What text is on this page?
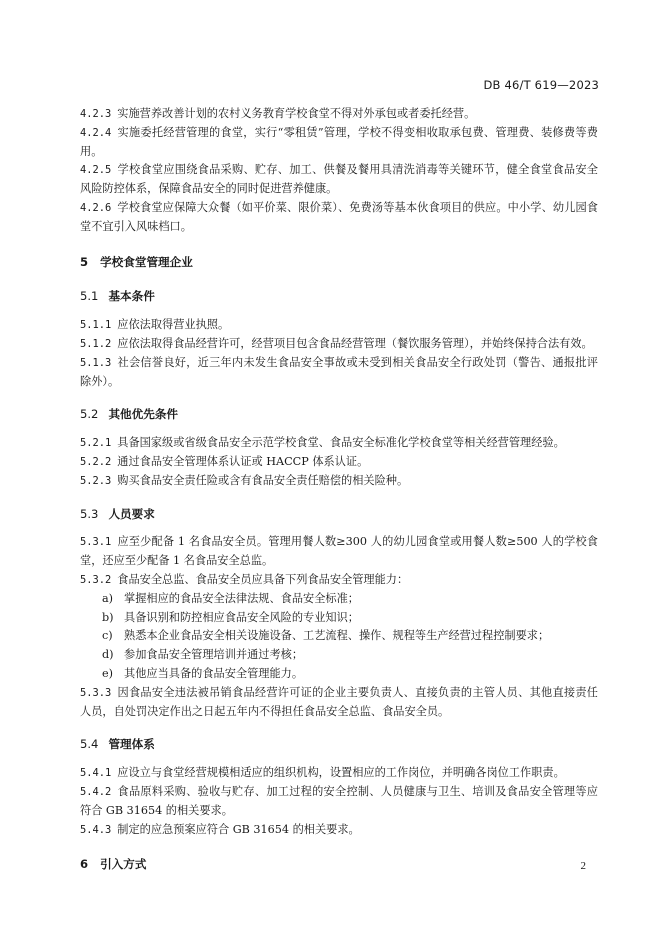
DB 46/T 619—2023

4.2.3 实施营养改善计划的农村义务教育学校食堂不得对外承包或者委托经营。

4.2.4 实施委托经营管理的食堂，实行“零租赁”管理，学校不得变相收取承包费、管理费、装修费等费用。

4.2.5 学校食堂应围绕食品采购、贮存、加工、供餐及餐用具清洗消毒等关键环节，健全食堂食品安全风险防控体系，保障食品安全的同时促进营养健康。

4.2.6 学校食堂应保障大众餐（如平价菜、限价菜）、免费汤等基本伙食项目的供应。中小学、幼儿园食堂不宜引入风味档口。

5 学校食堂管理企业

5.1 基本条件

5.1.1 应依法取得营业执照。

5.1.2 应依法取得食品经营许可，经营项目包含食品经营管理（餐饮服务管理），并始终保持合法有效。

5.1.3 社会信誉良好，近三年内未发生食品安全事故或未受到相关食品安全行政处罚（警告、通报批评除外）。

5.2 其他优先条件

5.2.1 具备国家级或省级食品安全示范学校食堂、食品安全标准化学校食堂等相关经营管理经验。

5.2.2 通过食品安全管理体系认证或 HACCP 体系认证。

5.2.3 购买食品安全责任险或含有食品安全责任赔偿的相关险种。

5.3 人员要求

5.3.1 应至少配备 1 名食品安全员。管理用餐人数≥300 人的幼儿园食堂或用餐人数≥500 人的学校食堂，还应至少配备 1 名食品安全总监。

5.3.2 食品安全总监、食品安全员应具备下列食品安全管理能力：

a) 掌握相应的食品安全法律法规、食品安全标准；

b) 具备识别和防控相应食品安全风险的专业知识；

c) 熟悉本企业食品安全相关设施设备、工艺流程、操作、规程等生产经营过程控制要求；

d) 参加食品安全管理培训并通过考核；

e) 其他应当具备的食品安全管理能力。

5.3.3 因食品安全违法被吊销食品经营许可证的企业主要负责人、直接负责的主管人员、其他直接责任人员，自处罚决定作出之日起五年内不得担任食品安全总监、食品安全员。

5.4 管理体系

5.4.1 应设立与食堂经营规模相适应的组织机构，设置相应的工作岗位，并明确各岗位工作职责。

5.4.2 食品原料采购、验收与贮存、加工过程的安全控制、人员健康与卫生、培训及食品安全管理等应符合 GB 31654 的相关要求。

5.4.3 制定的应急预案应符合 GB 31654 的相关要求。

6 引入方式	2
